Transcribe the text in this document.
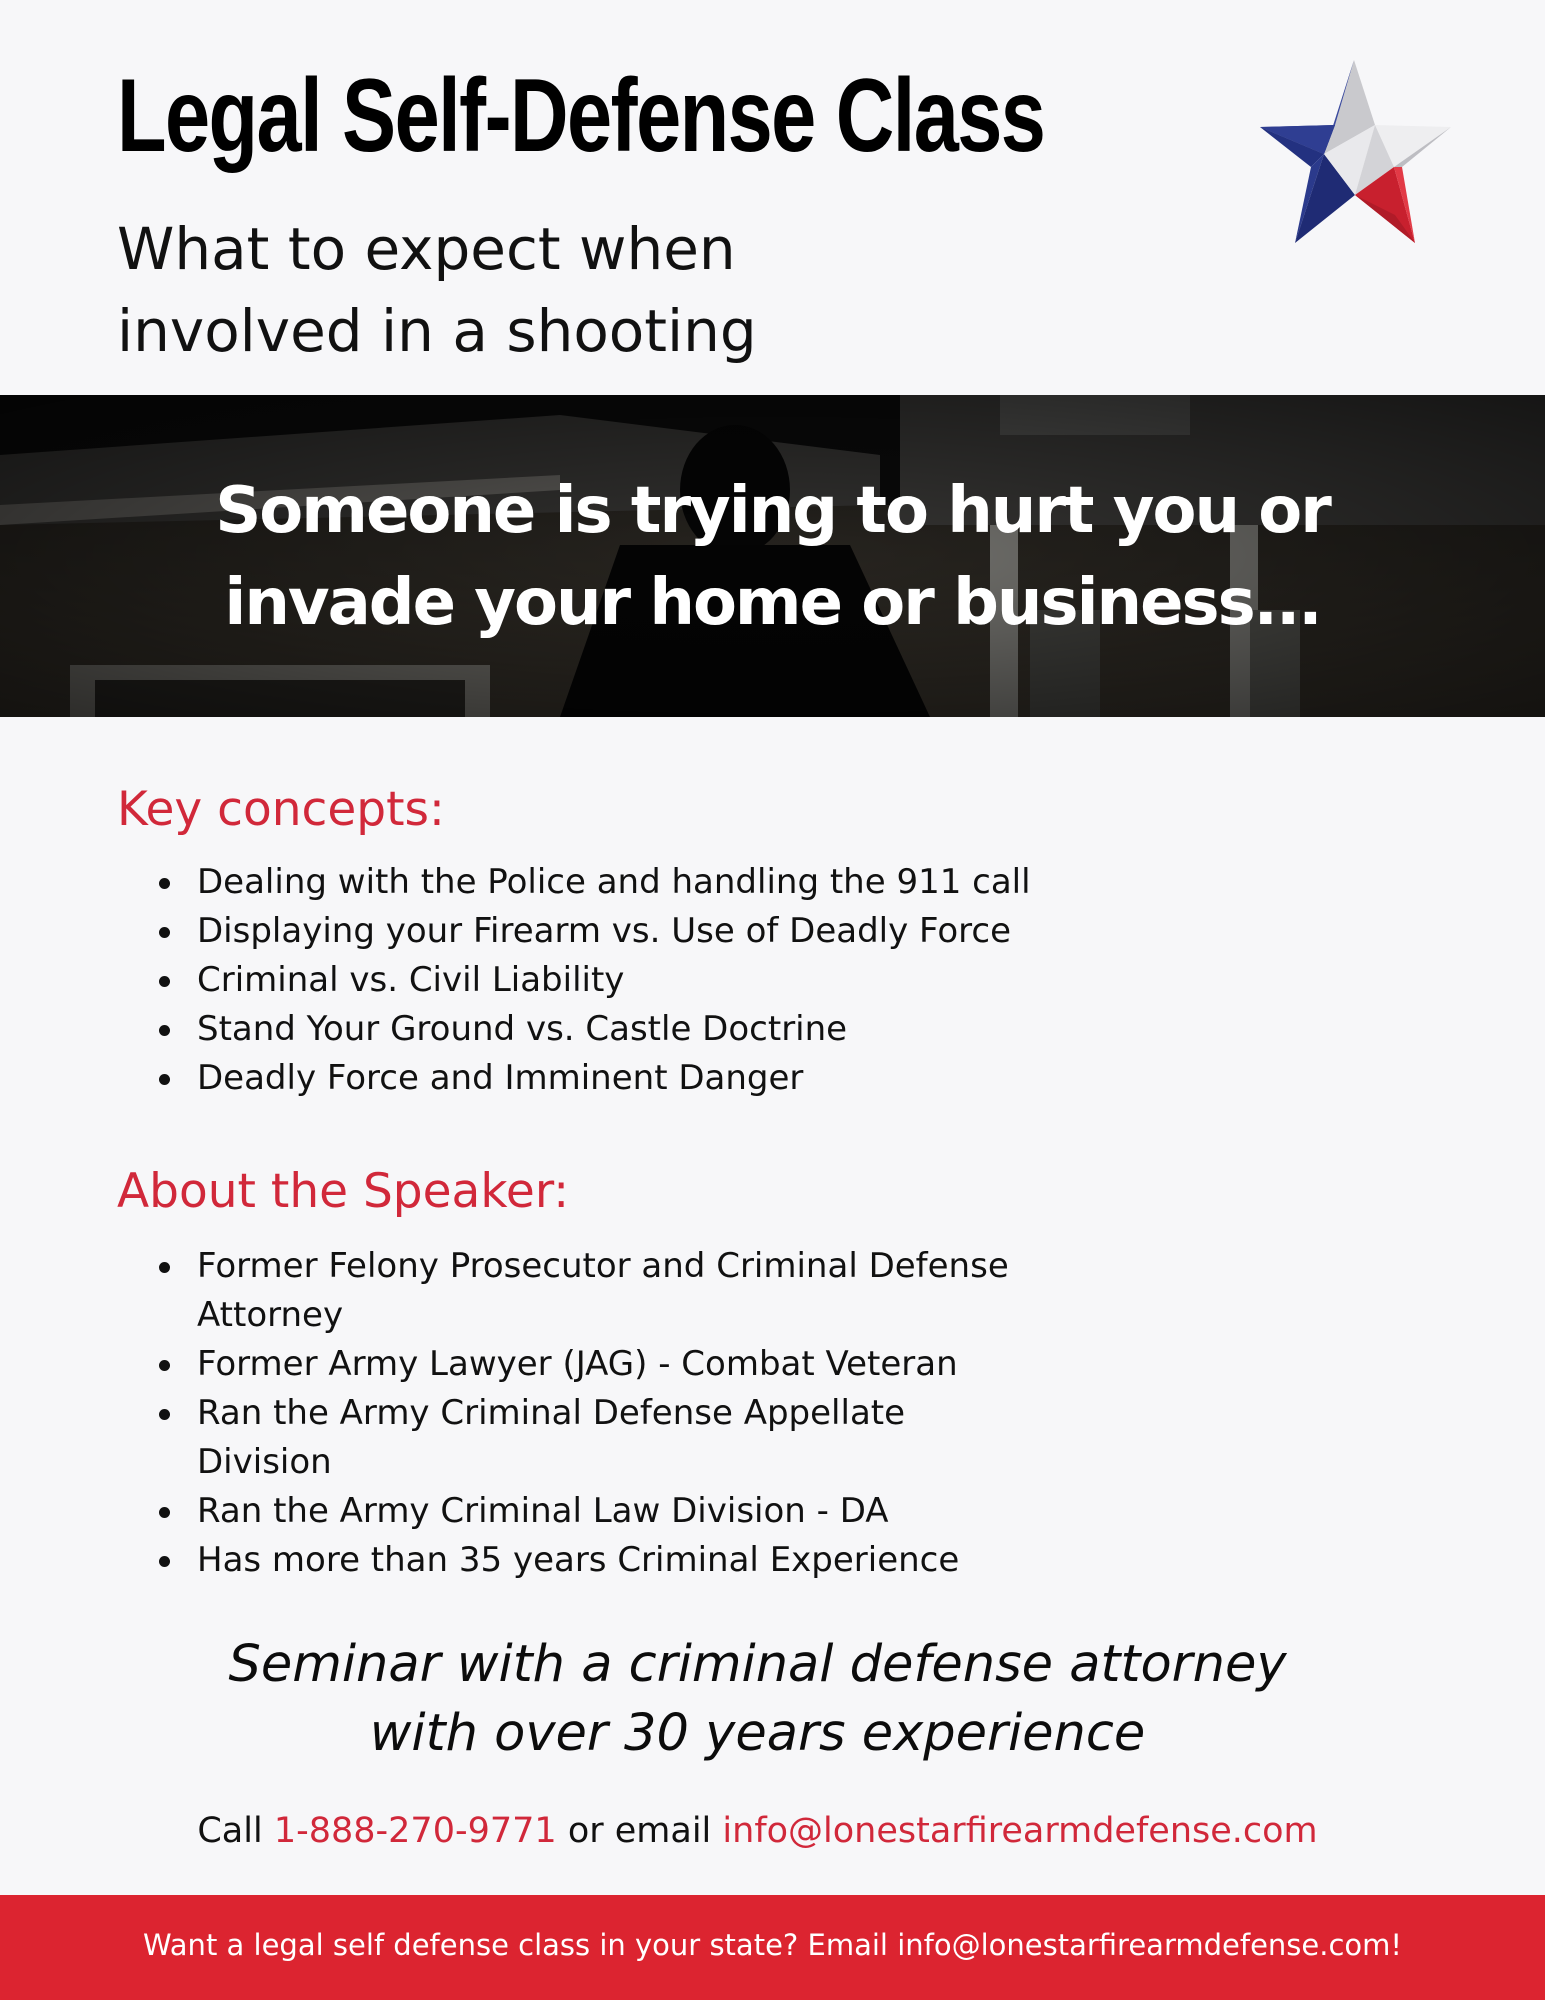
Legal Self-Defense Class
What to expect when involved in a shooting

Someone is trying to hurt you or
invade your home or business...

Key concepts:
Dealing with the Police and handling the 911 call
Displaying your Firearm vs. Use of Deadly Force
Criminal vs. Civil Liability
Stand Your Ground vs. Castle Doctrine
Deadly Force and Imminent Danger
About the Speaker:
Former Felony Prosecutor and Criminal Defense Attorney
Former Army Lawyer (JAG) - Combat Veteran
Ran the Army Criminal Defense Appellate Division
Ran the Army Criminal Law Division - DA
Has more than 35 years Criminal Experience

Seminar with a criminal defense attorney
with over 30 years experience

Call 1-888-270-9771 or email info@lonestarfirearmdefense.com

Want a legal self defense class in your state? Email info@lonestarfirearmdefense.com!
